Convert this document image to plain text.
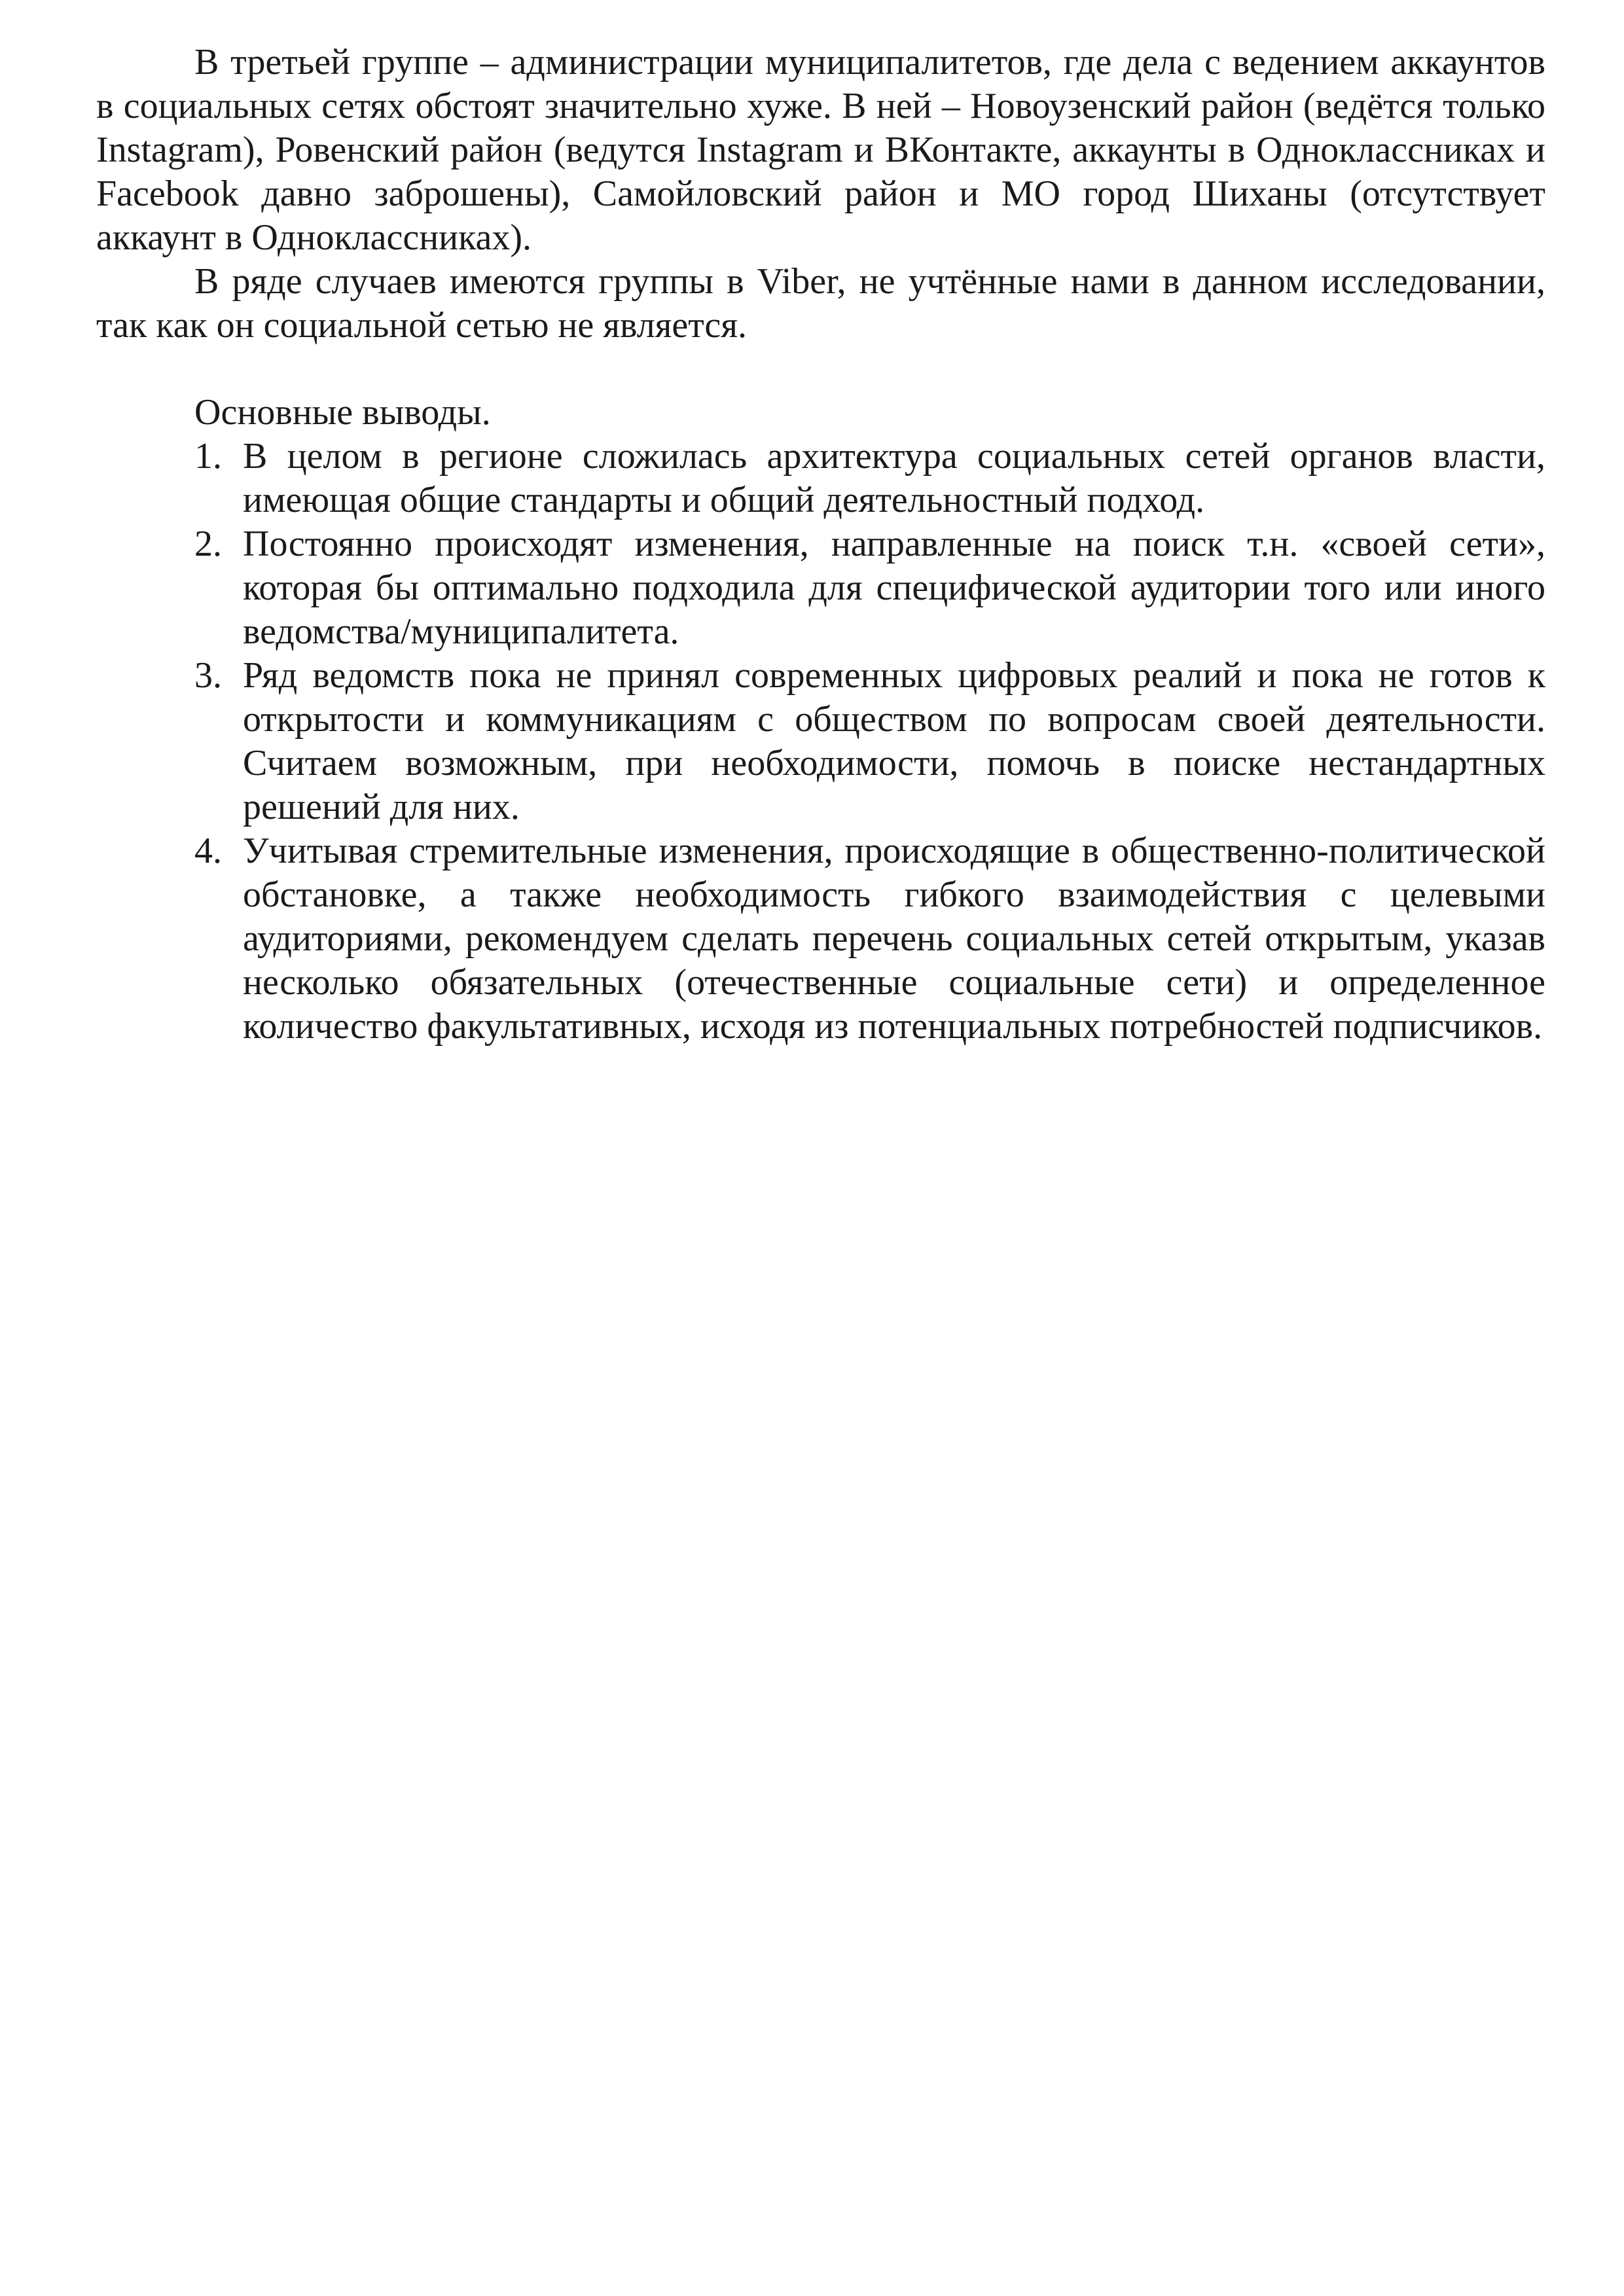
В третьей группе – администрации муниципалитетов, где дела с ведением аккаунтов в социальных сетях обстоят значительно хуже. В ней – Новоузенский район (ведётся только Instagram), Ровенский район (ведутся Instagram и ВКонтакте, аккаунты в Одноклассниках и Facebook давно заброшены), Самойловский район и МО город Шиханы (отсутствует аккаунт в Одноклассниках).

В ряде случаев имеются группы в Viber, не учтённые нами в данном исследовании, так как он социальной сетью не является.

Основные выводы.

1. В целом в регионе сложилась архитектура социальных сетей органов власти, имеющая общие стандарты и общий деятельностный подход.
2. Постоянно происходят изменения, направленные на поиск т.н. «своей сети», которая бы оптимально подходила для специфической аудитории того или иного ведомства/муниципалитета.
3. Ряд ведомств пока не принял современных цифровых реалий и пока не готов к открытости и коммуникациям с обществом по вопросам своей деятельности. Считаем возможным, при необходимости, помочь в поиске нестандартных решений для них.
4. Учитывая стремительные изменения, происходящие в общественно-политической обстановке, а также необходимость гибкого взаимодействия с целевыми аудиториями, рекомендуем сделать перечень социальных сетей открытым, указав несколько обязательных (отечественные социальные сети) и определенное количество факультативных, исходя из потенциальных потребностей подписчиков.
